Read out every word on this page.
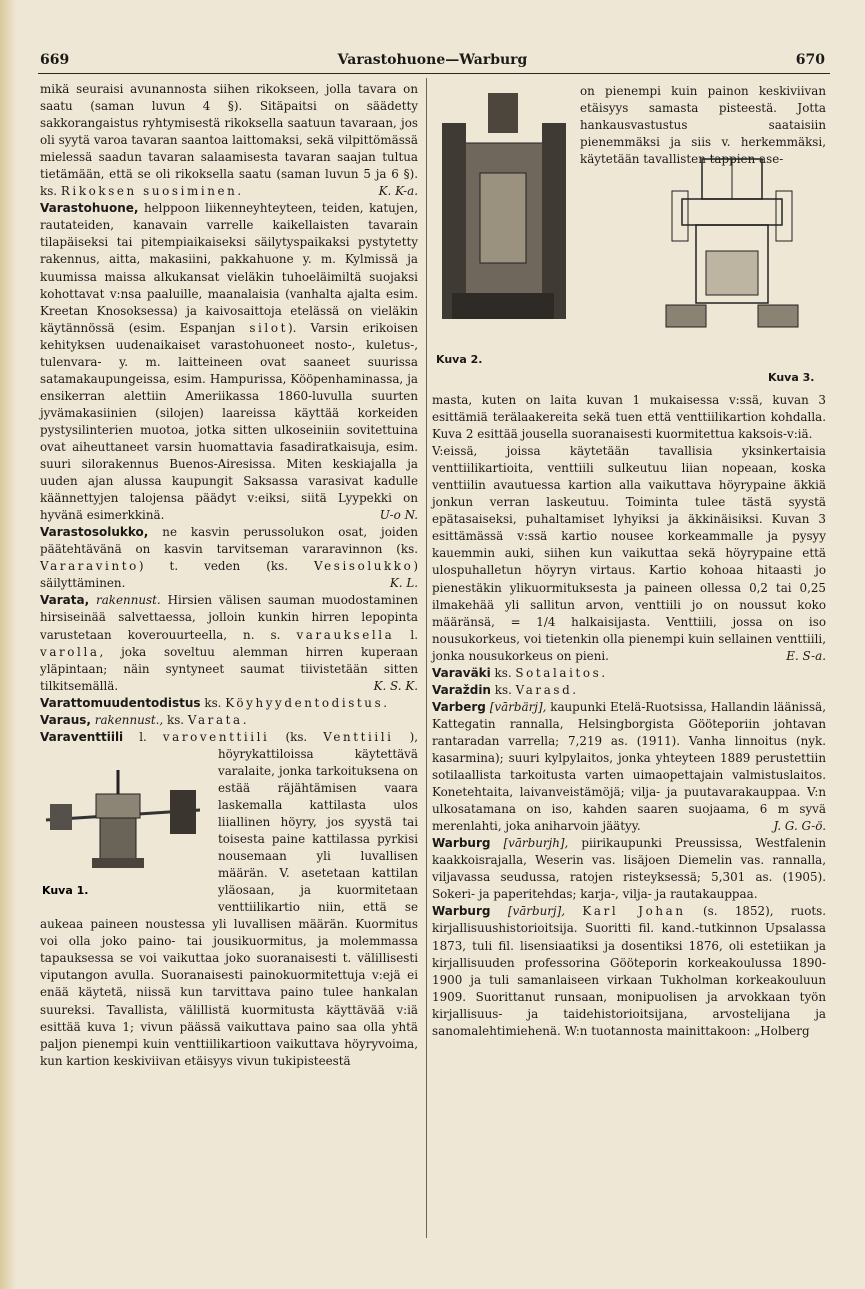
669	Varastohuone—Warburg	670

mikä seuraisi avunannosta siihen rikokseen, jolla tavara on saatu (saman luvun 4 §). Sitäpaitsi on säädetty sakkorangaistus ryhtymisestä rikoksella saatuun tavaraan, jos oli syytä varoa tavaran saantoa laittomaksi, sekä vilpittömässä mielessä saadun tavaran salaamisesta tavaran saajan tultua tietämään, että se oli rikoksella saatu (saman luvun 5 ja 6 §). ks. Rikoksen suosiminen.	K. K-a.

Varastohuone, helppoon liikenneyhteyteen, teiden, katujen, rautateiden, kanavain varrelle kaikellaisten tavarain tilapäiseksi tai pitempiaikaiseksi säilytyspaikaksi pystytetty rakennus, aitta, makasiini, pakkahuone y. m. Kylmissä ja kuumissa maissa alkukansat vieläkin tuhoeläimiltä suojaksi kohottavat v:nsa paaluille, maanalaisia (vanhalta ajalta esim. Kreetan Knosoksessa) ja kaivosaittoja etelässä on vieläkin käytännössä (esim. Espanjan silot). Varsin erikoisen kehityksen uudenaikaiset varastohuoneet nosto-, kuletus-, tulenvara- y. m. laitteineen ovat saaneet suurissa satamakaupungeissa, esim. Hampurissa, Kööpenhaminassa, ja ensikerran alettiin Ameriikassa 1860-luvulla suurten jyvämakasiinien (silojen) laareissa käyttää korkeiden pystysilinterien muotoa, jotka sitten ulkoseiniin sovitettuina ovat aiheuttaneet varsin huomattavia fasadiratkaisuja, esim. suuri silorakennus Buenos-Airesissa. Miten keskiajalla ja uuden ajan alussa kaupungit Saksassa varasivat kadulle käännettyjen talojensa päädyt v:eiksi, siitä Lyypekki on hyvänä esimerkkinä.	U-o N.

Varastosolukko, ne kasvin perussolukon osat, joiden päätehtävänä on kasvin tarvitseman vararavinnon (ks. Vararavinto) t. veden (ks. Vesisolukko) säilyttäminen.	K. L.

Varata, rakennust. Hirsien välisen sauman muodostaminen hirsiseinää salvettaessa, jolloin kunkin hirren lepopinta varustetaan koverouurteella, n. s. varauksella l. varolla, joka soveltuu alemman hirren kuperaan yläpintaan; näin syntyneet saumat tiivistetään sitten tilkitsemällä.	K. S. K.

Varattomuudentodistus ks. Köyhyydentodistus.

Varaus, rakennust., ks. Varata.

Varaventtiili l. varoventtiili (ks. Venttiili
Kuva 1.
), höyrykattiloissa käytettävä varalaite, jonka tarkoituksena on estää räjähtämisen vaara laskemalla kattilasta ulos liiallinen höyry, jos syystä tai toisesta paine kattilassa pyrkisi nousemaan yli luvallisen määrän. V. asetetaan kattilan yläosaan, ja kuormitetaan venttiilikartio niin, että se aukeaa paineen noustessa yli luvallisen määrän. Kuormitus voi olla joko paino- tai jousikuormitus, ja molemmassa tapauksessa se voi vaikuttaa joko suoranaisesti t. välillisesti viputangon avulla. Suoranaisesti painokuormitettuja v:ejä ei enää käytetä, niissä kun tarvittava paino tulee hankalan suureksi. Tavallista, välillistä kuormitusta käyttävää v:iä esittää kuva 1; vivun päässä vaikuttava paino saa olla yhtä paljon pienempi kuin venttiilikartioon vaikuttava höyryvoima, kun kartion keskiviivan etäisyys vivun tukipisteestä

Kuva 2.

on pienempi kuin painon keskiviivan etäisyys samasta pisteestä. Jotta hankausvastustus saataisiin pienemmäksi ja siis v. herkemmäksi, käytetään tavallisten tappien ase-

Kuva 3.

masta, kuten on laita kuvan 1 mukaisessa v:ssä, kuvan 3 esittämiä terälaakereita sekä tuen että venttiilikartion kohdalla. Kuva 2 esittää jousella suoranaisesti kuormitettua kaksois-v:iä.

V:eissä, joissa käytetään tavallisia yksinkertaisia venttiilikartioita, venttiili sulkeutuu liian nopeaan, koska venttiilin avautuessa kartion alla vaikuttava höyrypaine äkkiä jonkun verran laskeutuu. Toiminta tulee tästä syystä epätasaiseksi, puhaltamiset lyhyiksi ja äkkinäisiksi. Kuvan 3 esittämässä v:ssä kartio nousee korkeammalle ja pysyy kauemmin auki, siihen kun vaikuttaa sekä höyrypaine että ulospuhalletun höyryn virtaus. Kartio kohoaa hitaasti jo pienestäkin ylikuormituksesta ja paineen ollessa 0,2 tai 0,25 ilmakehää yli sallitun arvon, venttiili jo on noussut koko määränsä, = 1/4 halkaisijasta. Venttiili, jossa on iso nousukorkeus, voi tietenkin olla pienempi kuin sellainen venttiili, jonka nousukorkeus on pieni.	E. S-a.

Varaväki ks. Sotalaitos.

Varaždin ks. Varasd.

Varberg [vārbärj], kaupunki Etelä-Ruotsissa, Hallandin läänissä, Kattegatin rannalla, Helsingborgista Gööteporiin johtavan rantaradan varrella; 7,219 as. (1911). Vanha linnoitus (nyk. kasarmina); suuri kylpylaitos, jonka yhteyteen 1889 perustettiin sotilaallista tarkoitusta varten uimaopettajain valmistuslaitos. Konetehtaita, laivanveistämöjä; vilja- ja puutavarakauppaa. V:n ulkosatamana on iso, kahden saaren suojaama, 6 m syvä merenlahti, joka aniharvoin jäätyy.	J. G. G-ö.

Warburg [vārburjh], piirikaupunki Preussissa, Westfalenin kaakkoisrajalla, Weserin vas. lisäjoen Diemelin vas. rannalla, viljavassa seudussa, ratojen risteyksessä; 5,301 as. (1905). Sokeri- ja paperitehdas; karja-, vilja- ja rautakauppaa.

Warburg [vārburj], Karl Johan (s. 1852), ruots. kirjallisuushistorioitsija. Suoritti fil. kand.-tutkinnon Upsalassa 1873, tuli fil. lisensiaatiksi ja dosentiksi 1876, oli estetiikan ja kirjallisuuden professorina Gööteporin korkeakoulussa 1890-1900 ja tuli samanlaiseen virkaan Tukholman korkeakouluun 1909. Suorittanut runsaan, monipuolisen ja arvokkaan työn kirjallisuus- ja taidehistorioitsijana, arvostelijana ja sanomalehtimiehenä. W:n tuotannosta mainittakoon: „Holberg
